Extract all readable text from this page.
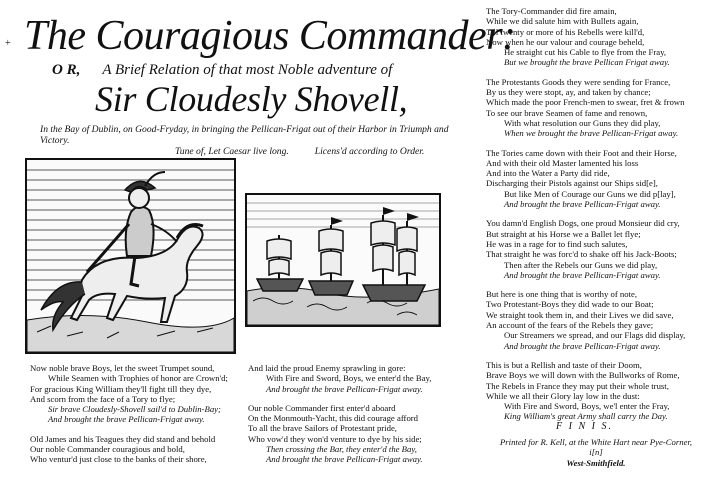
+ The Couragious Commander:
O R, A Brief Relation of that most Noble adventure of
Sir Cloudesly Shovell,
In the Bay of Dublin, on Good-Fryday, in bringing the Pellican-Frigat out of their Harbor in Triumph and Victory.
Tune of, Let Caesar live long.	Licens'd according to Order.

Now noble brave Boys, let the sweet Trumpet sound,
While Seamen with Trophies of honor are Crown'd;
For gracious King William they'll fight till they dye,
And scorn from the face of a Tory to flye;
Sir brave Cloudesly-Shovell sail'd to Dublin-Bay;
And brought the brave Pellican-Frigat away.

Old James and his Teagues they did stand and behold
Our noble Commander couragious and bold,
Who ventur'd just close to the banks of their shore,

And laid the proud Enemy sprawling in gore:
With Fire and Sword, Boys, we enter'd the Bay,
And brought the brave Pellican-Frigat away.

Our noble Commander first enter'd aboard
On the Monmouth-Yacht, this did courage afford
To all the brave Sailors of Protestant pride,
Who vow'd they won'd venture to dye by his side;
Then crossing the Bar, they enter'd the Bay,
And brought the brave Pellican-Frigat away.

The Tory-Commander did fire amain,
While we did salute him with Bullets again,
Till twenty or more of his Rebells were kill'd,
Now when he our valour and courage beheld,
He straight cut his Cable to flye from the Fray,
But we brought the brave Pellican Frigat away.

The Protestants Goods they were sending for France,
By us they were stopt, ay, and taken by chance;
Which made the poor French-men to swear, fret & frown
To see our brave Seamen of fame and renown,
With what resolution our Guns they did play,
When we brought the brave Pellican-Frigat away.

The Tories came down with their Foot and their Horse,
And with their old Master lamented his loss
And into the Water a Party did ride,
Discharging their Pistols against our Ships sid[e],
But like Men of Courage our Guns we did p[lay],
And brought the brave Pellican-Frigat away.

You damn'd English Dogs, one proud Monsieur did cry,
But straight at his Horse we a Ballet let flye;
He was in a rage for to find such salutes,
That straight he was forc'd to shake off his Jack-Boots;
Then after the Rebels our Guns we did play,
And brought the brave Pellican-Frigat away.

But here is one thing that is worthy of note,
Two Protestant-Boys they did wade to our Boat;
We straight took them in, and their Lives we did save,
An account of the fears of the Rebels they gave;
Our Streamers we spread, and our Flags did display,
And brought the brave Pellican-Frigat away.

This is but a Rellish and taste of their Doom,
Brave Boys we will down with the Bullworks of Rome,
The Rebels in France they may put their whole trust,
While we all their Glory lay low in the dust:
With Fire and Sword, Boys, we'l enter the Fray,
King William's great Army shall carry the Day.

F I N I S.
Printed for R. Kell, at the White Hart near Pye-Corner, i[n]
West-Smithfield.
